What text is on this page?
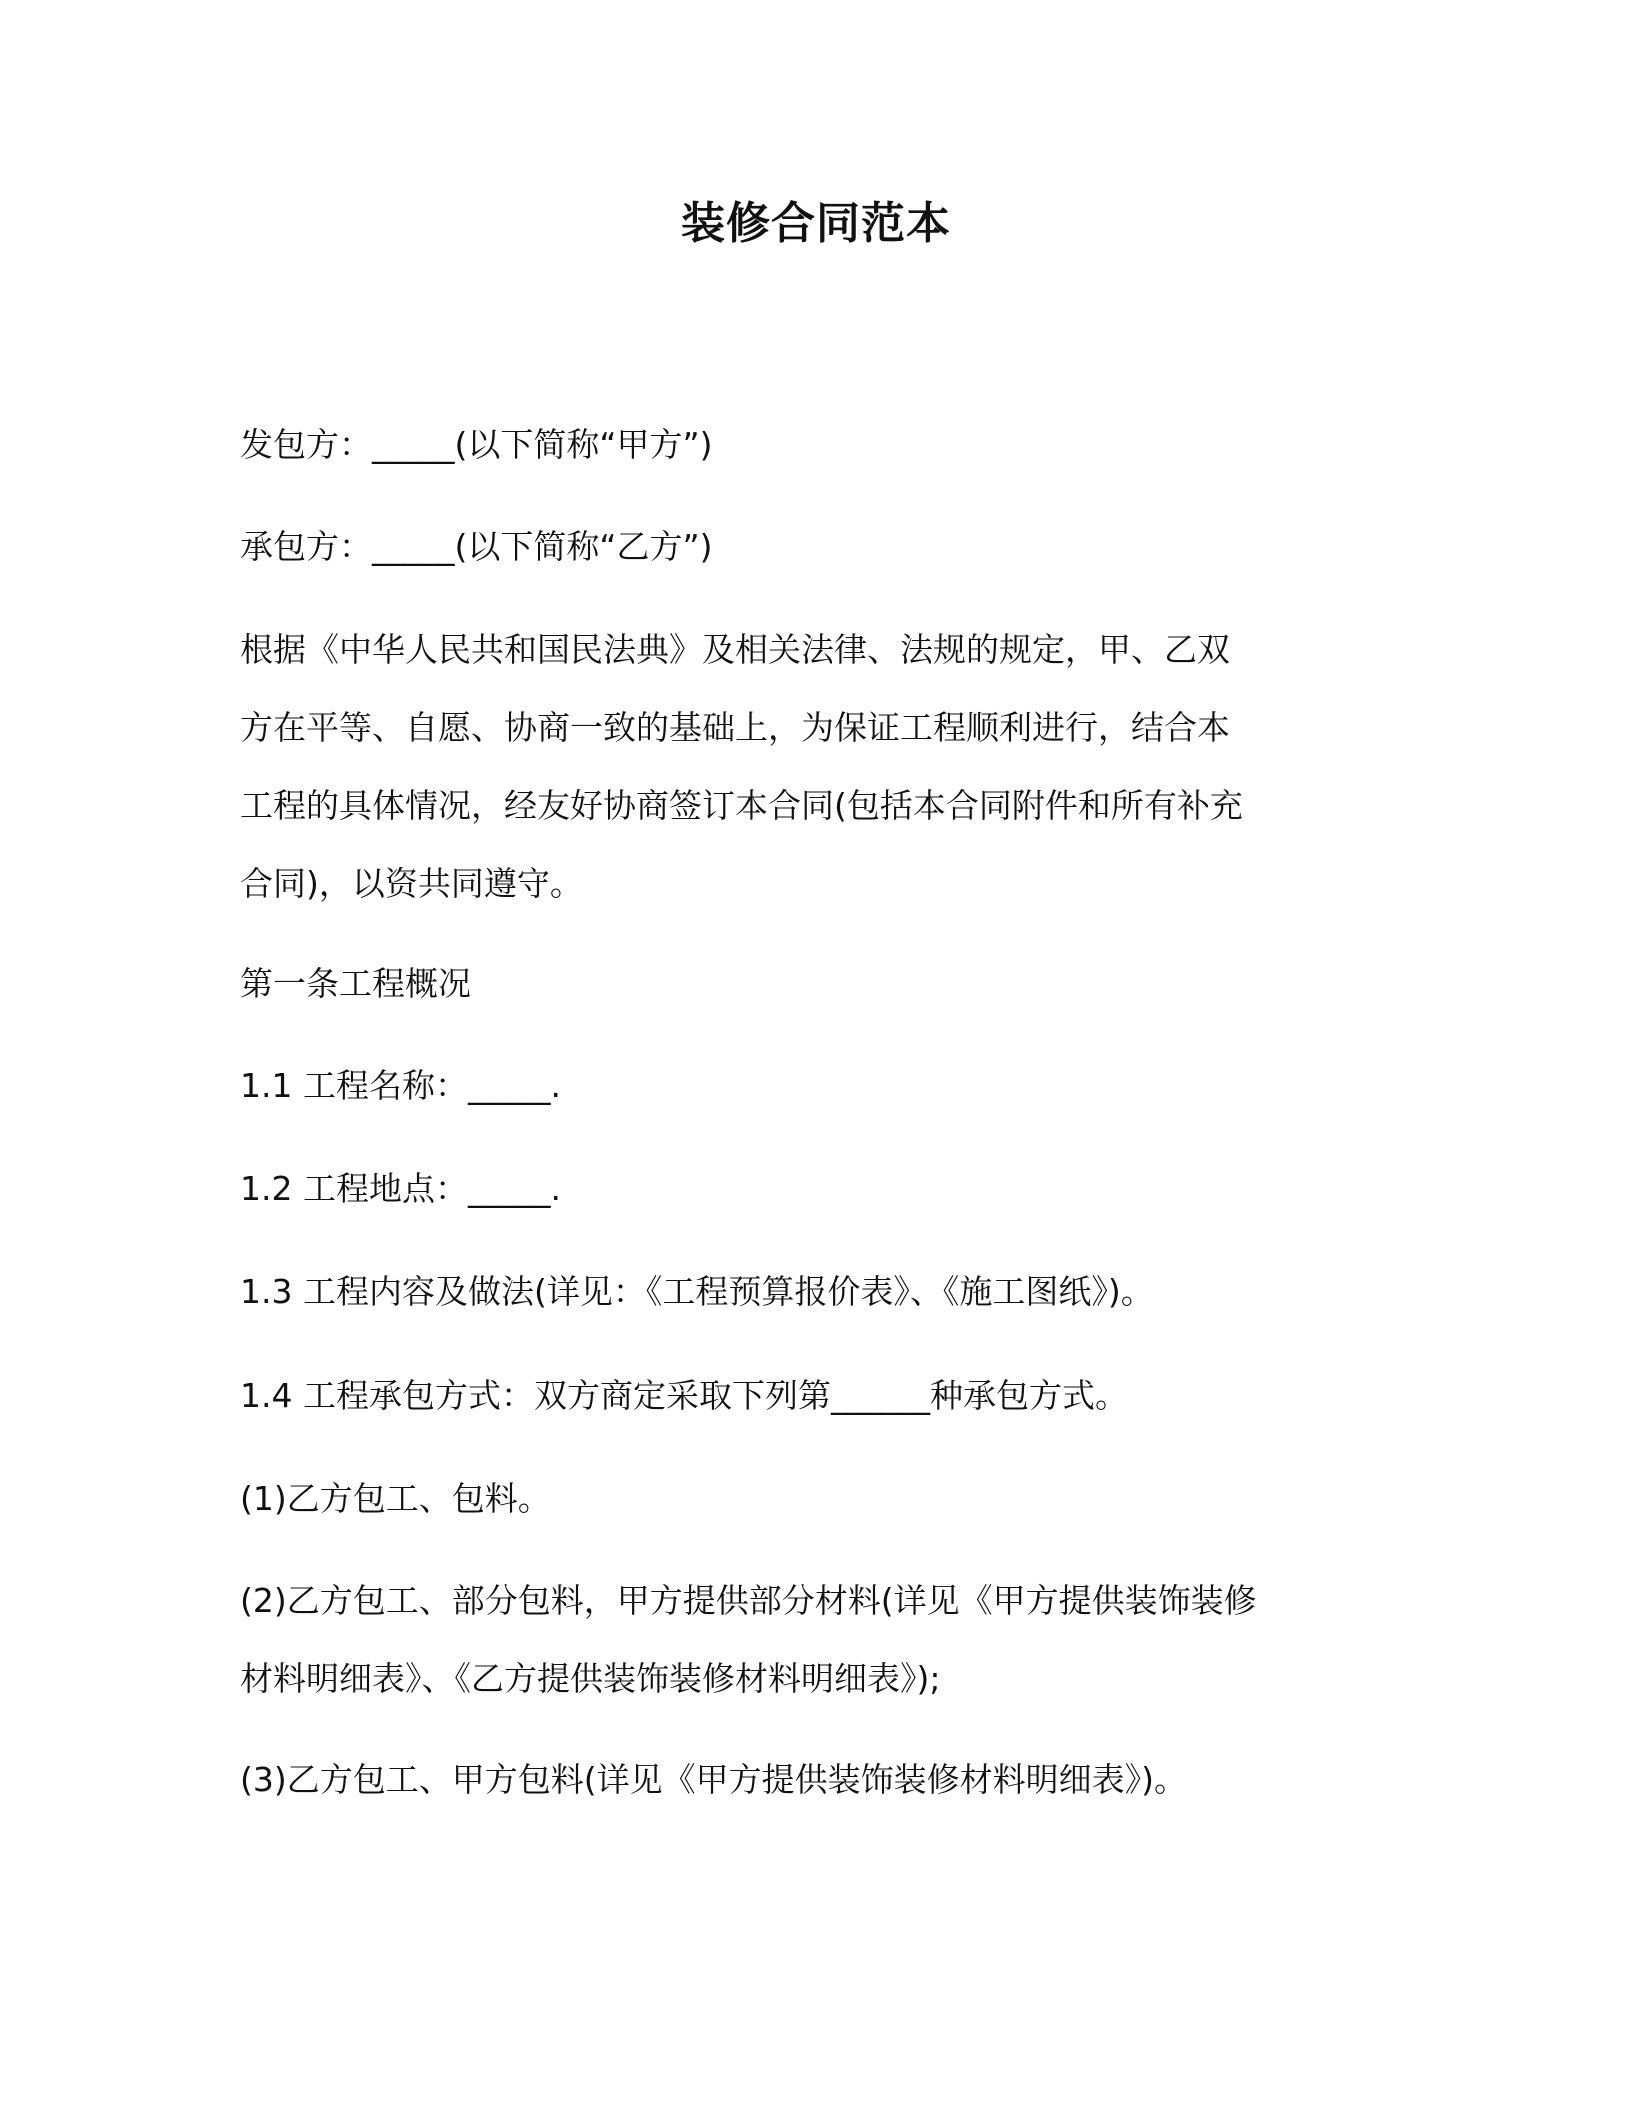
装修合同范本
发包方：_____(以下简称“甲方”)
承包方：_____(以下简称“乙方”)
根据《中华人民共和国民法典》及相关法律、法规的规定，甲、乙双
方在平等、自愿、协商一致的基础上，为保证工程顺利进行，结合本
工程的具体情况，经友好协商签订本合同(包括本合同附件和所有补充
合同)，以资共同遵守。
第一条工程概况
1.1 工程名称：_____.
1.2 工程地点：_____.
1.3 工程内容及做法(详见：《工程预算报价表》、《施工图纸》)。
1.4 工程承包方式：双方商定采取下列第______种承包方式。
(1)乙方包工、包料。
(2)乙方包工、部分包料，甲方提供部分材料(详见《甲方提供装饰装修
材料明细表》、《乙方提供装饰装修材料明细表》);
(3)乙方包工、甲方包料(详见《甲方提供装饰装修材料明细表》)。
